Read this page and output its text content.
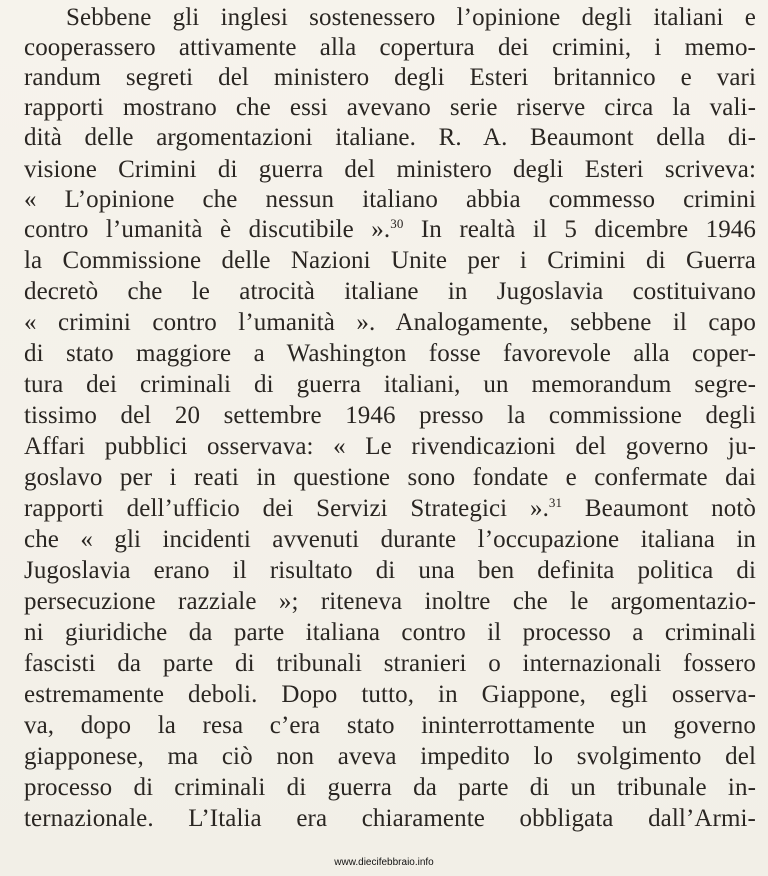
Sebbene gli inglesi sostenessero l’opinione degli italiani e
cooperassero attivamente alla copertura dei crimini, i memo-
randum segreti del ministero degli Esteri britannico e vari
rapporti mostrano che essi avevano serie riserve circa la vali-
dità delle argomentazioni italiane. R. A. Beaumont della di-
visione Crimini di guerra del ministero degli Esteri scriveva:
« L’opinione che nessun italiano abbia commesso crimini
contro l’umanità è discutibile ».$^{30}$ In realtà il 5 dicembre 1946
la Commissione delle Nazioni Unite per i Crimini di Guerra
decretò che le atrocità italiane in Jugoslavia costituivano
« crimini contro l’umanità ». Analogamente, sebbene il capo
di stato maggiore a Washington fosse favorevole alla coper-
tura dei criminali di guerra italiani, un memorandum segre-
tissimo del 20 settembre 1946 presso la commissione degli
Affari pubblici osservava: « Le rivendicazioni del governo ju-
goslavo per i reati in questione sono fondate e confermate dai
rapporti dell’ufficio dei Servizi Strategici ».$^{31}$ Beaumont notò
che « gli incidenti avvenuti durante l’occupazione italiana in
Jugoslavia erano il risultato di una ben definita politica di
persecuzione razziale »; riteneva inoltre che le argomentazio-
ni giuridiche da parte italiana contro il processo a criminali
fascisti da parte di tribunali stranieri o internazionali fossero
estremamente deboli. Dopo tutto, in Giappone, egli osserva-
va, dopo la resa c’era stato ininterrottamente un governo
giapponese, ma ciò non aveva impedito lo svolgimento del
processo di criminali di guerra da parte di un tribunale in-
ternazionale. L’Italia era chiaramente obbligata dall’Armi-
www.diecifebbraio.info
